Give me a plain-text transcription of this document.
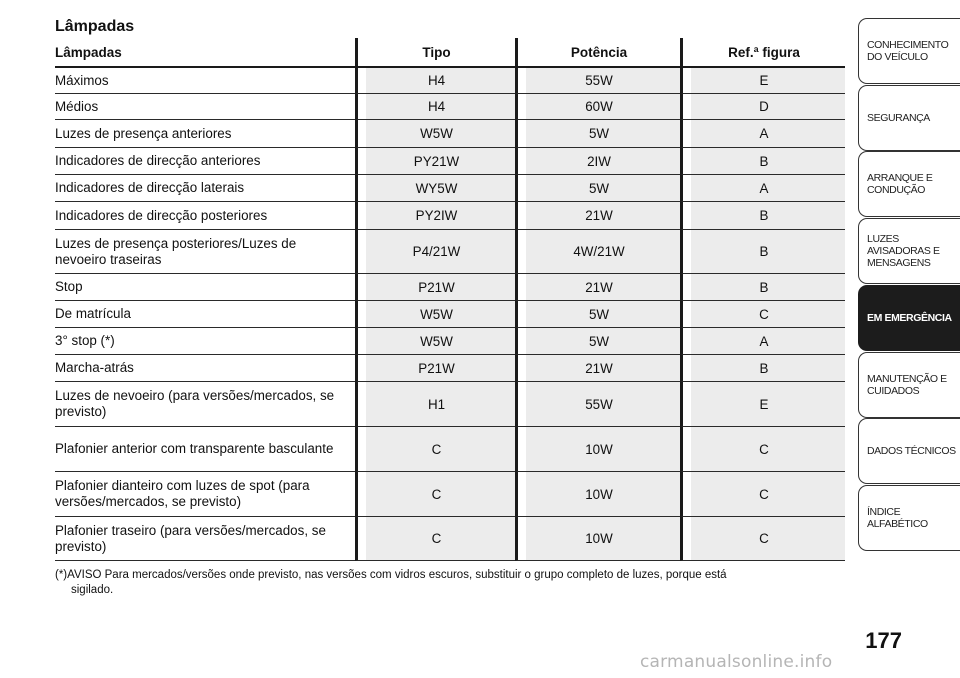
Lâmpadas
Lâmpadas	Tipo	Potência	Ref.ª figura
Máximos	H4	55W	E
Médios	H4	60W	D
Luzes de presença anteriores	W5W	5W	A
Indicadores de direcção anteriores	PY21W	2IW	B
Indicadores de direcção laterais	WY5W	5W	A
Indicadores de direcção posteriores	PY2IW	21W	B
Luzes de presença posteriores/Luzes de nevoeiro traseiras	P4/21W	4W/21W	B
Stop	P21W	21W	B
De matrícula	W5W	5W	C
3° stop (*)	W5W	5W	A
Marcha-atrás	P21W	21W	B
Luzes de nevoeiro (para versões/mercados, se previsto)	H1	55W	E
Plafonier anterior com transparente basculante	C	10W	C
Plafonier dianteiro com luzes de spot (para versões/mercados, se previsto)	C	10W	C
Plafonier traseiro (para versões/mercados, se previsto)	C	10W	C
(*)AVISO Para mercados/versões onde previsto, nas versões com vidros escuros, substituir o grupo completo de luzes, porque está
sigilado.
CONHECIMENTO DO VEÍCULO
SEGURANÇA
ARRANQUE E CONDUÇÃO
LUZES AVISADORAS E MENSAGENS
EM EMERGÊNCIA
MANUTENÇÃO E CUIDADOS
DADOS TÉCNICOS
ÍNDICE ALFABÉTICO
177
carmanualsonline.info
